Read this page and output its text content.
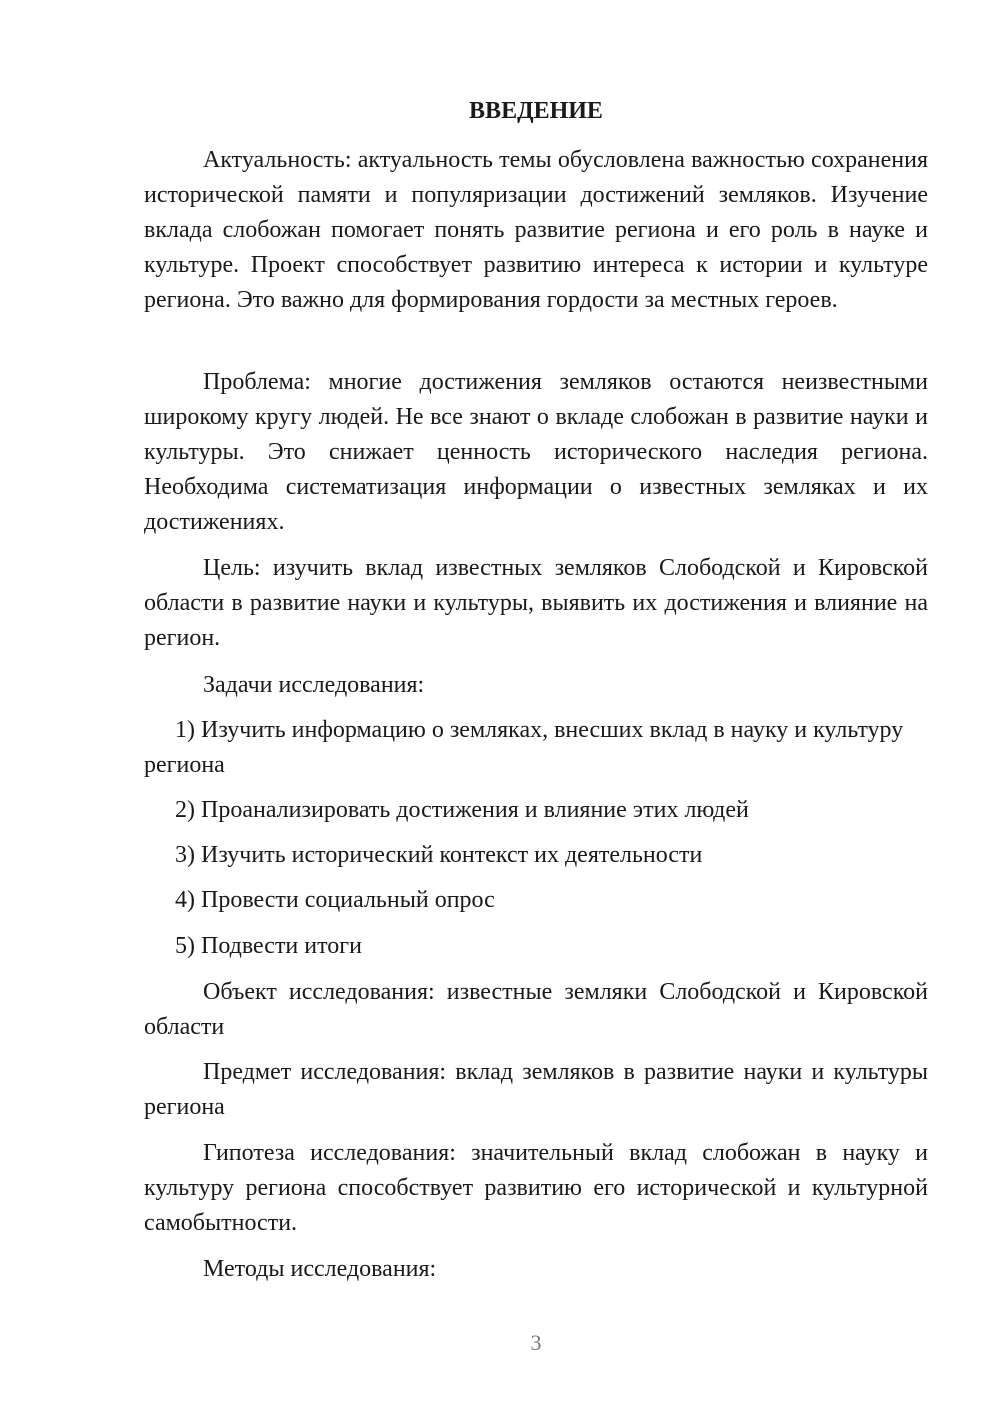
ВВЕДЕНИЕ
Актуальность: актуальность темы обусловлена важностью сохранения исторической памяти и популяризации достижений земляков. Изучение вклада слобожан помогает понять развитие региона и его роль в науке и культуре. Проект способствует развитию интереса к истории и культуре региона. Это важно для формирования гордости за местных героев.
Проблема: многие достижения земляков остаются неизвестными широкому кругу людей. Не все знают о вкладе слобожан в развитие науки и культуры. Это снижает ценность исторического наследия региона. Необходима систематизация информации о известных земляках и их достижениях.
Цель: изучить вклад известных земляков Слободской и Кировской области в развитие науки и культуры, выявить их достижения и влияние на регион.
Задачи исследования:
1) Изучить информацию о земляках, внесших вклад в науку и культуру региона
2) Проанализировать достижения и влияние этих людей
3) Изучить исторический контекст их деятельности
4) Провести социальный опрос
5) Подвести итоги
Объект исследования: известные земляки Слободской и Кировской области
Предмет исследования: вклад земляков в развитие науки и культуры региона
Гипотеза исследования: значительный вклад слобожан в науку и культуру региона способствует развитию его исторической и культурной самобытности.
Методы исследования:
3
